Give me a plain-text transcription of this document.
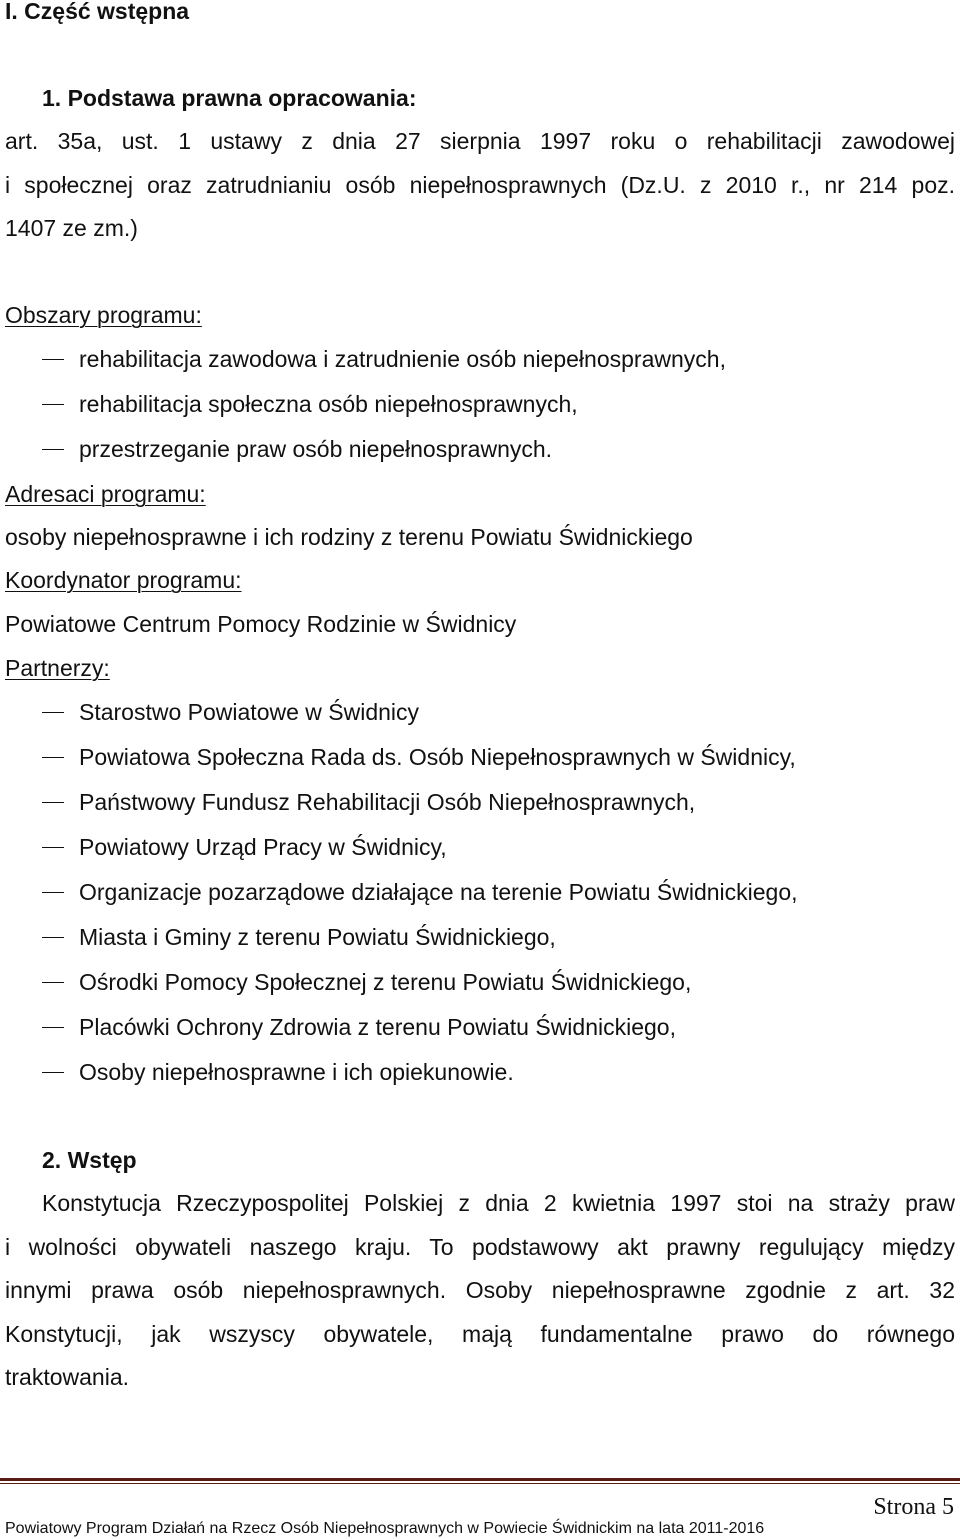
I. Część wstępna

1. Podstawa prawna opracowania:

art. 35a, ust. 1 ustawy z dnia 27 sierpnia 1997 roku o rehabilitacji zawodowej

i społecznej oraz zatrudnianiu osób niepełnosprawnych (Dz.U. z 2010 r., nr 214 poz.

1407 ze zm.)

Obszary programu:

rehabilitacja zawodowa i zatrudnienie osób niepełnosprawnych,

rehabilitacja społeczna osób niepełnosprawnych,

przestrzeganie praw osób niepełnosprawnych.

Adresaci programu:

osoby niepełnosprawne i ich rodziny z terenu Powiatu Świdnickiego

Koordynator programu:

Powiatowe Centrum Pomocy Rodzinie w Świdnicy

Partnerzy:

Starostwo Powiatowe w Świdnicy

Powiatowa Społeczna Rada ds. Osób Niepełnosprawnych w Świdnicy,

Państwowy Fundusz Rehabilitacji Osób Niepełnosprawnych,

Powiatowy Urząd Pracy w Świdnicy,

Organizacje pozarządowe działające na terenie Powiatu Świdnickiego,

Miasta i Gminy z terenu Powiatu Świdnickiego,

Ośrodki Pomocy Społecznej z terenu Powiatu Świdnickiego,

Placówki Ochrony Zdrowia z terenu Powiatu Świdnickiego,

Osoby niepełnosprawne i ich opiekunowie.

2. Wstęp

Konstytucja Rzeczypospolitej Polskiej z dnia 2 kwietnia 1997 stoi na straży praw

i wolności obywateli naszego kraju. To podstawowy akt prawny regulujący między

innymi prawa osób niepełnosprawnych. Osoby niepełnosprawne zgodnie z art. 32

Konstytucji, jak wszyscy obywatele, mają fundamentalne prawo do równego

traktowania.

Strona 5
Powiatowy Program Działań na Rzecz Osób Niepełnosprawnych w Powiecie Świdnickim na lata 2011-2016
